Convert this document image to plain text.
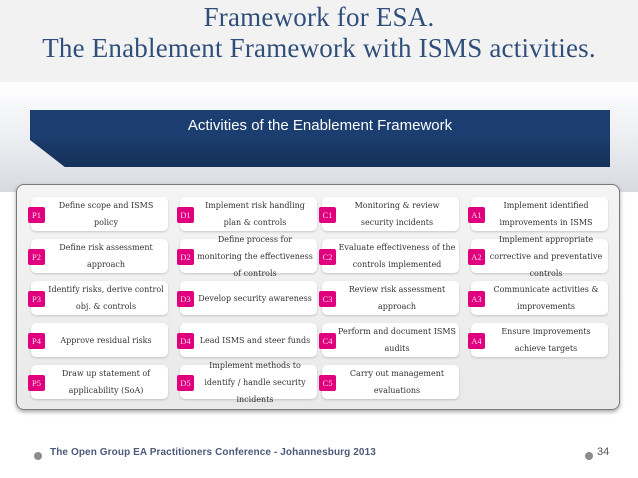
Framework for ESA.
The Enablement Framework with ISMS activities.
Activities of the Enablement Framework
P1
Define scope and ISMS policy
P2
Define risk assessment approach
P3
Identify risks, derive control obj. & controls
P4	Approve residual risks
P5
Draw up statement of applicability (SoA)
D1
Implement risk handling plan & controls
D2
Define process for monitoring the effectiveness of controls
D3 Develop security awareness
D4	Lead ISMS and steer funds
D5
Implement methods to identify / handle security incidents
C1
Monitoring & review security incidents
C2
Evaluate effectiveness of the controls implemented
C3
Review risk assessment approach
C4
Perform and document ISMS audits
C5
Carry out management evaluations
A1
Implement identified improvements in ISMS
A2
Implement appropriate corrective and preventative controls
A3
Communicate activities & improvements
A4
Ensure improvements achieve targets
The Open Group EA Practitioners Conference - Johannesburg 2013	34
